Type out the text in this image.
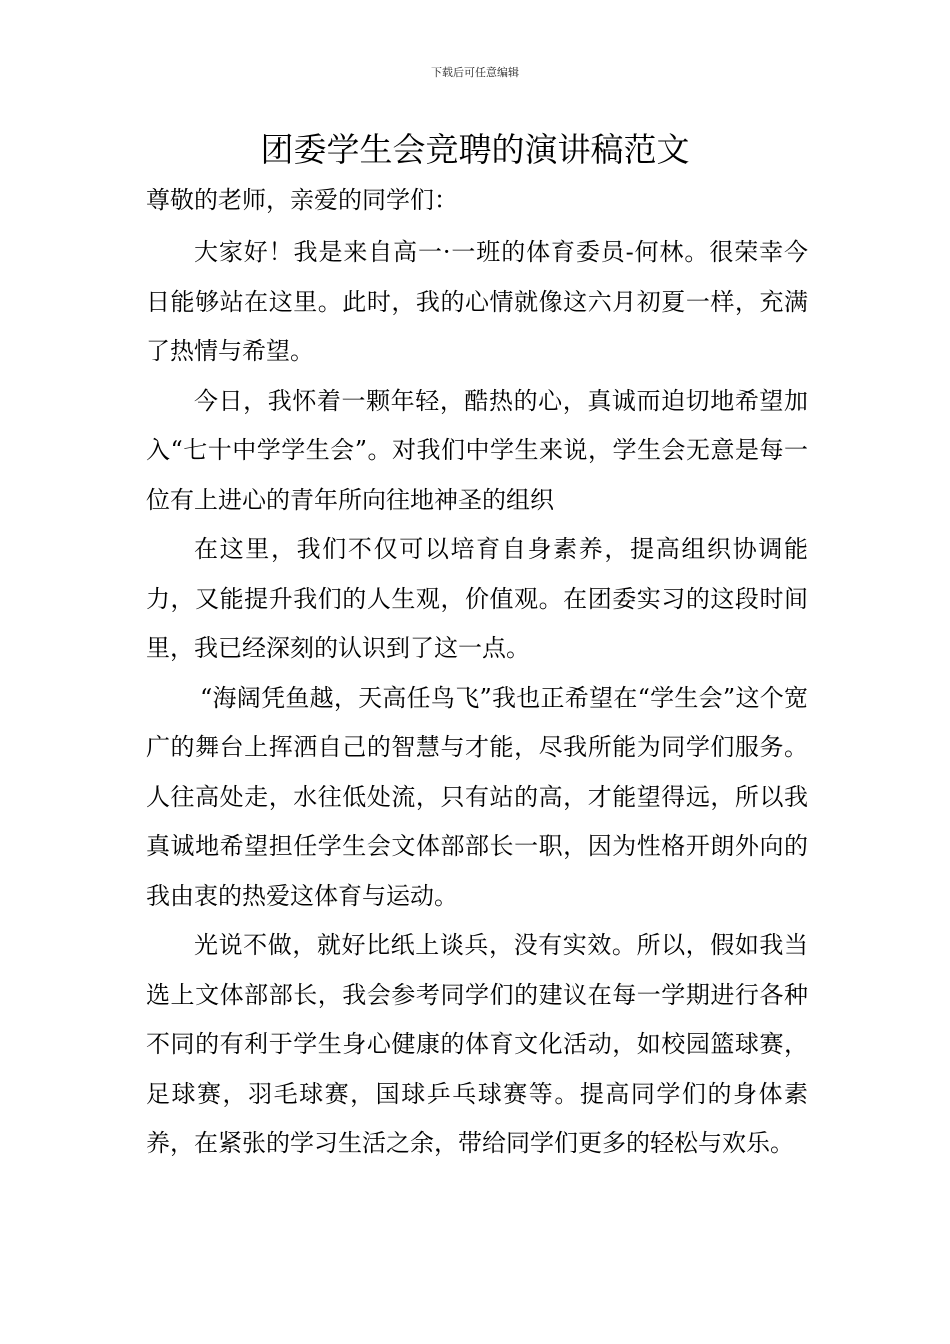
下载后可任意编辑
团委学生会竞聘的演讲稿范文

尊敬的老师，亲爱的同学们：

大家好！我是来自高一·一班的体育委员-何林。很荣幸今日能够站在这里。此时，我的心情就像这六月初夏一样，充满了热情与希望。

今日，我怀着一颗年轻，酷热的心，真诚而迫切地希望加入“七十中学学生会”。对我们中学生来说，学生会无意是每一位有上进心的青年所向往地神圣的组织

在这里，我们不仅可以培育自身素养，提高组织协调能力，又能提升我们的人生观，价值观。在团委实习的这段时间里，我已经深刻的认识到了这一点。

“海阔凭鱼越，天高任鸟飞”我也正希望在“学生会”这个宽广的舞台上挥洒自己的智慧与才能，尽我所能为同学们服务。人往高处走，水往低处流，只有站的高，才能望得远，所以我真诚地希望担任学生会文体部部长一职，因为性格开朗外向的我由衷的热爱这体育与运动。

光说不做，就好比纸上谈兵，没有实效。所以，假如我当选上文体部部长，我会参考同学们的建议在每一学期进行各种不同的有利于学生身心健康的体育文化活动，如校园篮球赛，足球赛，羽毛球赛，国球乒乓球赛等。提高同学们的身体素养，在紧张的学习生活之余，带给同学们更多的轻松与欢乐。
